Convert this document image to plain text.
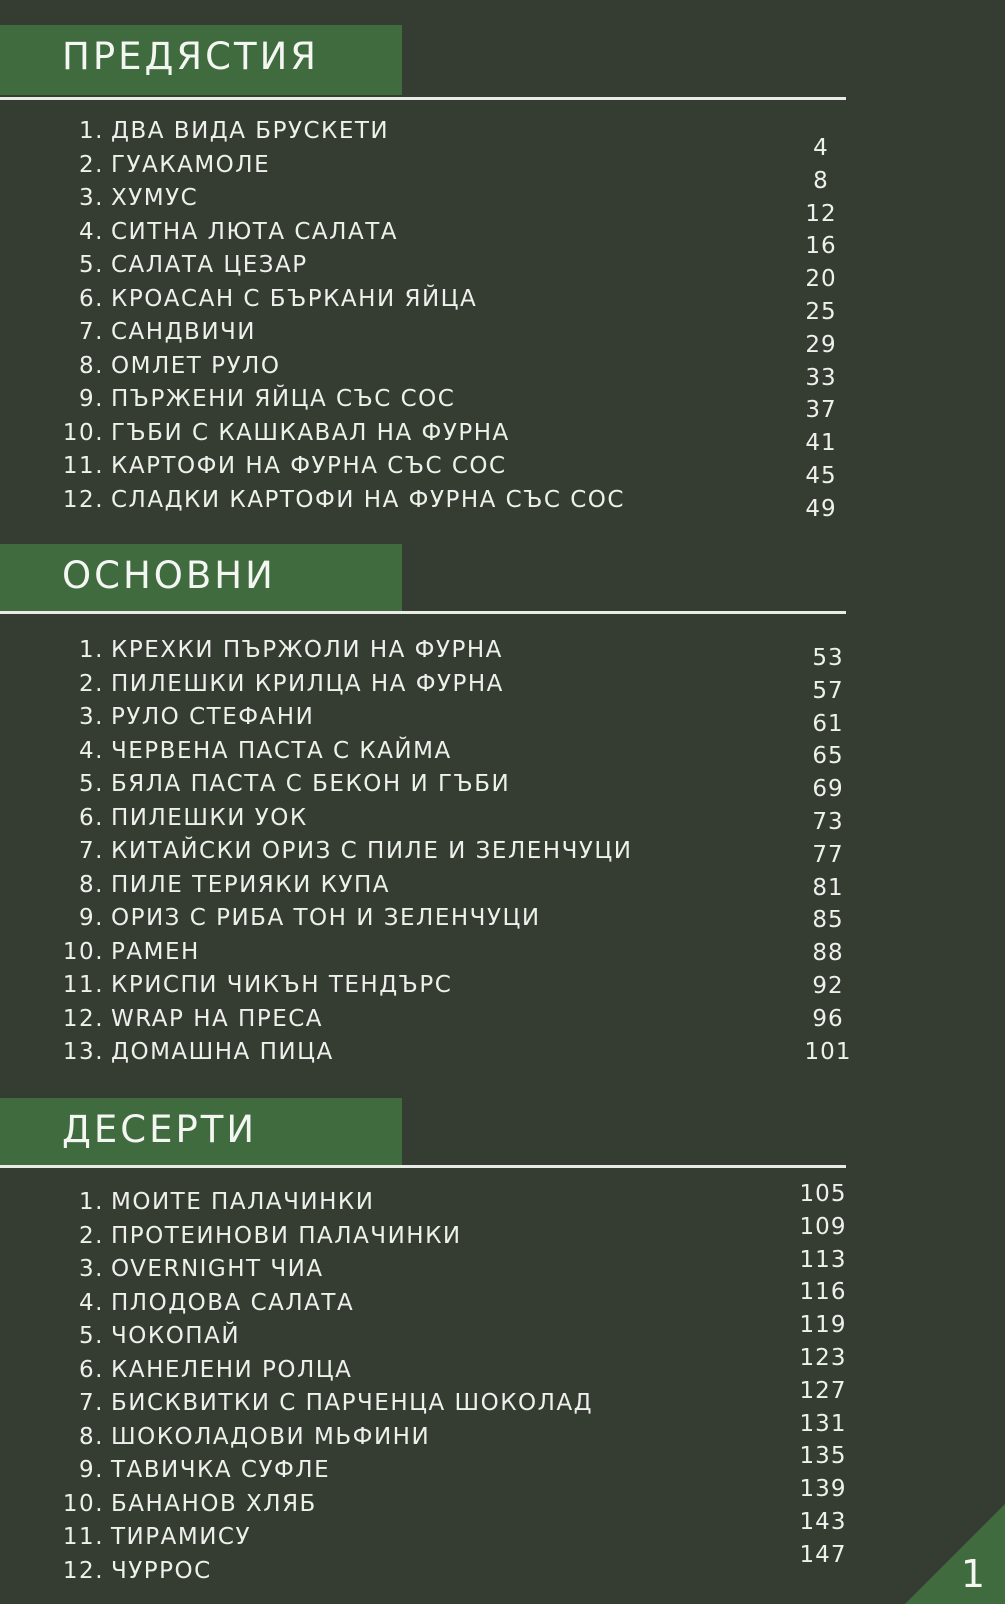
ПРЕДЯСТИЯ
1. ДВА ВИДА БРУСКЕТИ
2. ГУАКАМОЛЕ
3. ХУМУС
4. СИТНА ЛЮТА САЛАТА
5. САЛАТА ЦЕЗАР
6. КРОАСАН С БЪРКАНИ ЯЙЦА
7. САНДВИЧИ
8. ОМЛЕТ РУЛО
9. ПЪРЖЕНИ ЯЙЦА СЪС СОС
10. ГЪБИ С КАШКАВАЛ НА ФУРНА
11. КАРТОФИ НА ФУРНА СЪС СОС
12. СЛАДКИ КАРТОФИ НА ФУРНА СЪС СОС
4
8
12
16
20
25
29
33
37
41
45
49
ОСНОВНИ
1. КРЕХКИ ПЪРЖОЛИ НА ФУРНА
2. ПИЛЕШКИ КРИЛЦА НА ФУРНА
3. РУЛО СТЕФАНИ
4. ЧЕРВЕНА ПАСТА С КАЙМА
5. БЯЛА ПАСТА С БЕКОН И ГЪБИ
6. ПИЛЕШКИ УОК
7. КИТАЙСКИ ОРИЗ С ПИЛЕ И ЗЕЛЕНЧУЦИ
8. ПИЛЕ ТЕРИЯКИ КУПА
9. ОРИЗ С РИБА ТОН И ЗЕЛЕНЧУЦИ
10. РАМЕН
11. КРИСПИ ЧИКЪН ТЕНДЪРС
12. WRAP НА ПРЕСА
13. ДОМАШНА ПИЦА
53
57
61
65
69
73
77
81
85
88
92
96
101
ДЕСЕРТИ
1. МОИТЕ ПАЛАЧИНКИ
2. ПРОТЕИНОВИ ПАЛАЧИНКИ
3. OVERNIGHT ЧИА
4. ПЛОДОВА САЛАТА
5. ЧОКОПАЙ
6. КАНЕЛЕНИ РОЛЦА
7. БИСКВИТКИ С ПАРЧЕНЦА ШОКОЛАД
8. ШОКОЛАДОВИ МЬФИНИ
9. ТАВИЧКА СУФЛЕ
10. БАНАНОВ ХЛЯБ
11. ТИРАМИСУ
12. ЧУРРОС
105
109
113
116
119
123
127
131
135
139
143
147	1
